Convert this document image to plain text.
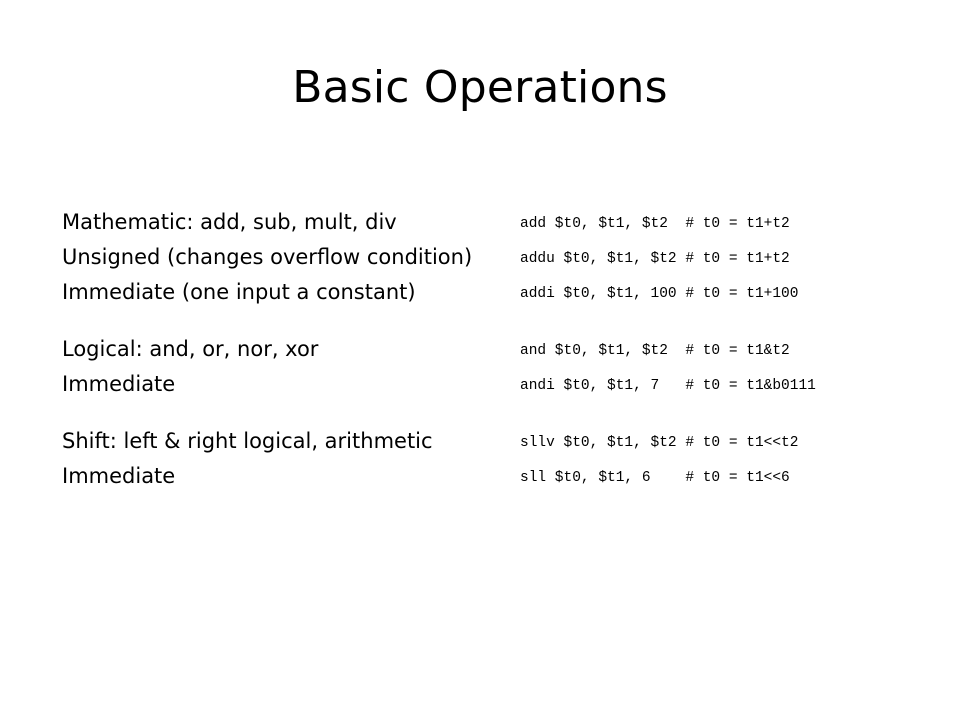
Basic Operations
Mathematic: add, sub, mult, div	add $t0, $t1, $t2  # t0 = t1+t2
Unsigned (changes overflow condition)	addu $t0, $t1, $t2 # t0 = t1+t2
Immediate (one input a constant)	addi $t0, $t1, 100 # t0 = t1+100
Logical: and, or, nor, xor	and $t0, $t1, $t2  # t0 = t1&t2
Immediate	andi $t0, $t1, 7   # t0 = t1&b0111
Shift: left & right logical, arithmetic	sllv $t0, $t1, $t2 # t0 = t1<<t2
Immediate	sll $t0, $t1, 6    # t0 = t1<<6
